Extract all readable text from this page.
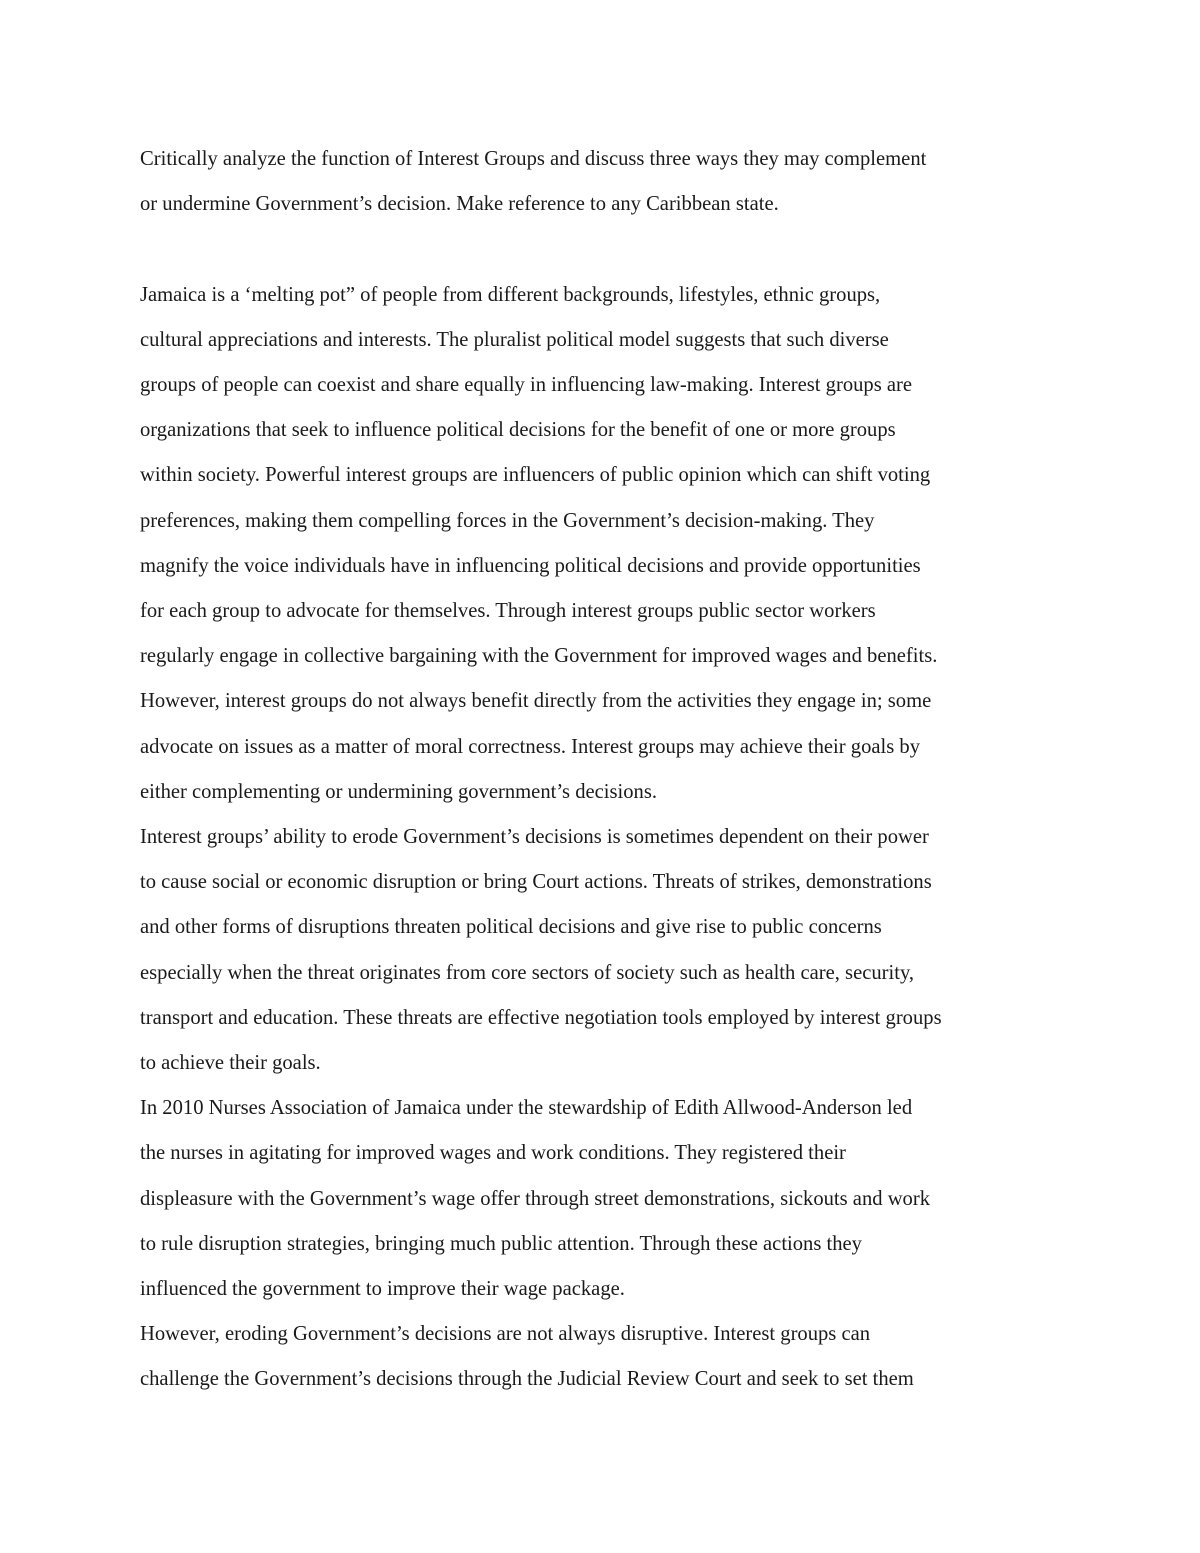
Critically analyze the function of Interest Groups and discuss three ways they may complement
or undermine Government’s decision. Make reference to any Caribbean state.

Jamaica is a ‘melting pot” of people from different backgrounds, lifestyles, ethnic groups,
cultural appreciations and interests. The pluralist political model suggests that such diverse
groups of people can coexist and share equally in influencing law-making. Interest groups are
organizations that seek to influence political decisions for the benefit of one or more groups
within society. Powerful interest groups are influencers of public opinion which can shift voting
preferences, making them compelling forces in the Government’s decision-making. They
magnify the voice individuals have in influencing political decisions and provide opportunities
for each group to advocate for themselves. Through interest groups public sector workers
regularly engage in collective bargaining with the Government for improved wages and benefits.
However, interest groups do not always benefit directly from the activities they engage in; some
advocate on issues as a matter of moral correctness. Interest groups may achieve their goals by
either complementing or undermining government’s decisions.

Interest groups’ ability to erode Government’s decisions is sometimes dependent on their power
to cause social or economic disruption or bring Court actions. Threats of strikes, demonstrations
and other forms of disruptions threaten political decisions and give rise to public concerns
especially when the threat originates from core sectors of society such as health care, security,
transport and education. These threats are effective negotiation tools employed by interest groups
to achieve their goals.

In 2010 Nurses Association of Jamaica under the stewardship of Edith Allwood-Anderson led
the nurses in agitating for improved wages and work conditions. They registered their
displeasure with the Government’s wage offer through street demonstrations, sickouts and work
to rule disruption strategies, bringing much public attention. Through these actions they
influenced the government to improve their wage package.

However, eroding Government’s decisions are not always disruptive. Interest groups can
challenge the Government’s decisions through the Judicial Review Court and seek to set them
